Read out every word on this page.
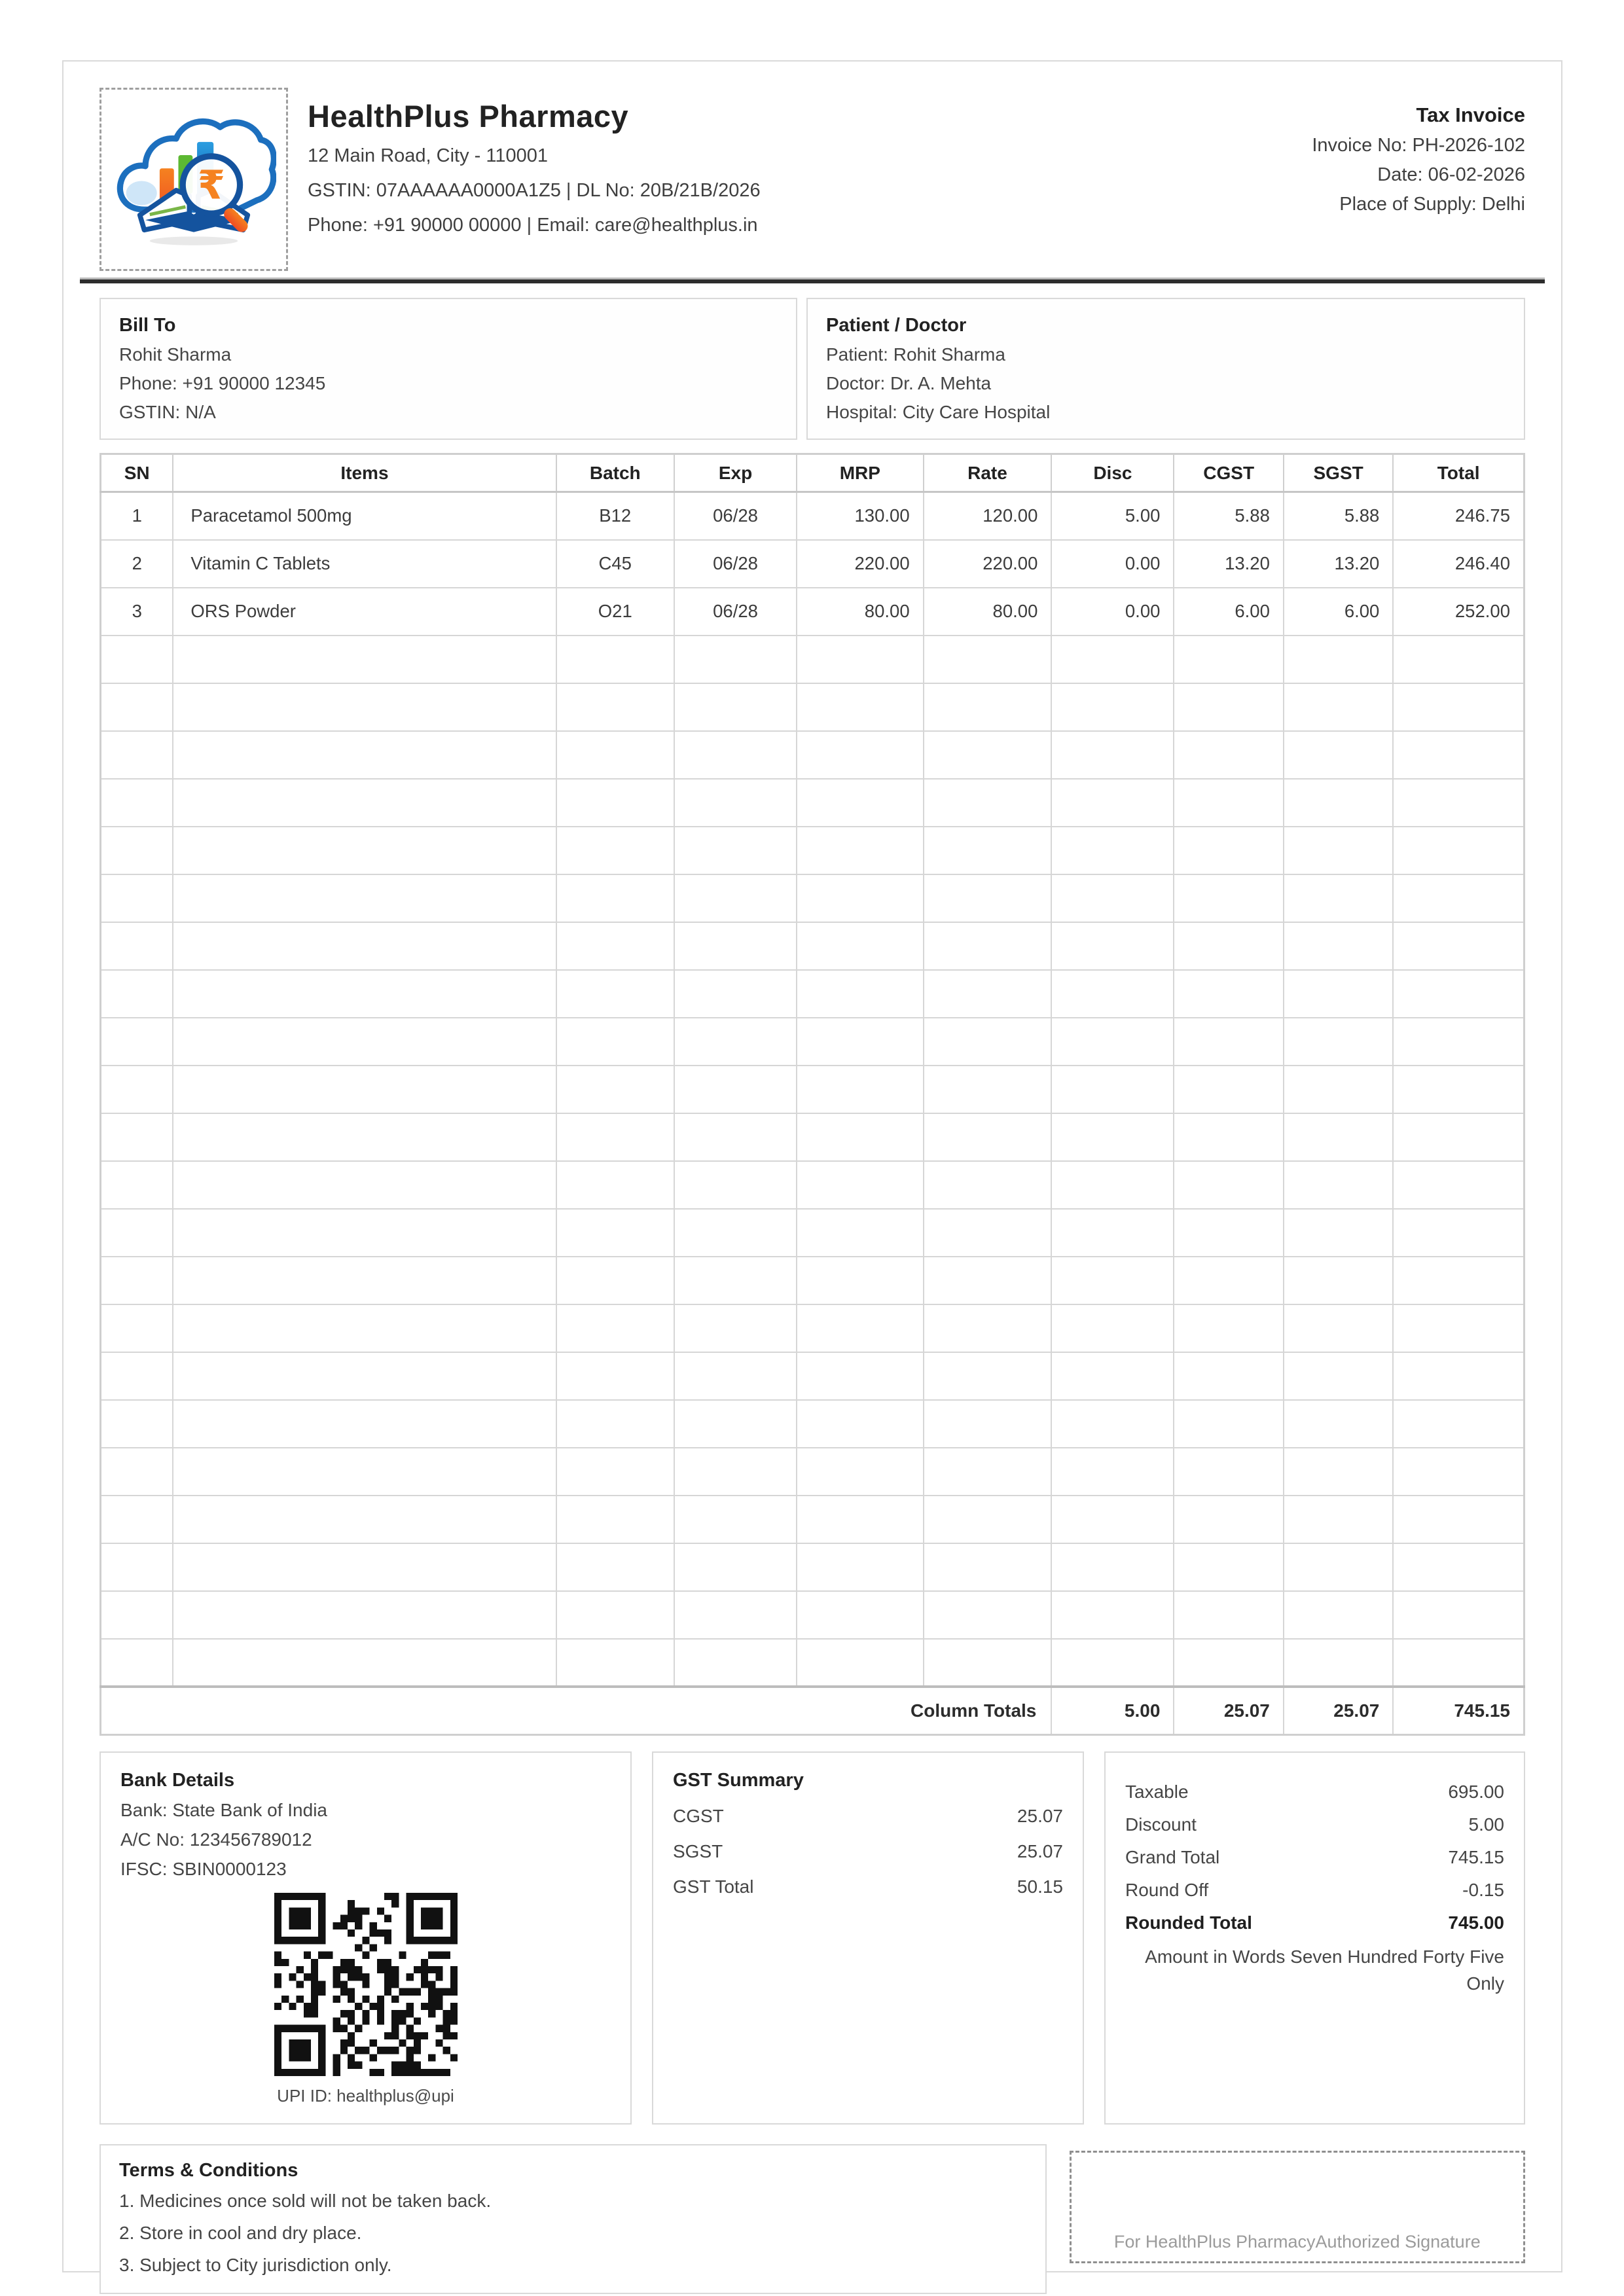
₹
HealthPlus Pharmacy
12 Main Road, City - 110001
GSTIN: 07AAAAAA0000A1Z5 | DL No: 20B/21B/2026
Phone: +91 90000 00000 | Email: care@healthplus.in
Tax Invoice
Invoice No: PH-2026-102
Date: 06-02-2026
Place of Supply: Delhi
Bill To
Rohit Sharma
Phone: +91 90000 12345
GSTIN: N/A
Patient / Doctor
Patient: Rohit Sharma
Doctor: Dr. A. Mehta
Hospital: City Care Hospital
SN	Items	Batch	Exp	MRP	Rate	Disc	CGST	SGST	Total
1	Paracetamol 500mg	B12	06/28	130.00	120.00	5.00	5.88	5.88	246.75
2	Vitamin C Tablets	C45	06/28	220.00	220.00	0.00	13.20	13.20	246.40
3	ORS Powder	O21	06/28	80.00	80.00	0.00	6.00	6.00	252.00

Column Totals						5.00	25.07	25.07	745.15
Bank Details
Bank: State Bank of India
A/C No: 123456789012
IFSC: SBIN0000123
UPI ID: healthplus@upi
GST Summary
CGST	25.07
SGST	25.07
GST Total	50.15
Taxable	695.00
Discount	5.00
Grand Total	745.15
Round Off	-0.15
Rounded Total	745.00
Amount in Words Seven Hundred Forty Five Only
Terms & Conditions
1. Medicines once sold will not be taken back.
2. Store in cool and dry place.
3. Subject to City jurisdiction only.
For HealthPlus Pharmacy Authorized Signature
